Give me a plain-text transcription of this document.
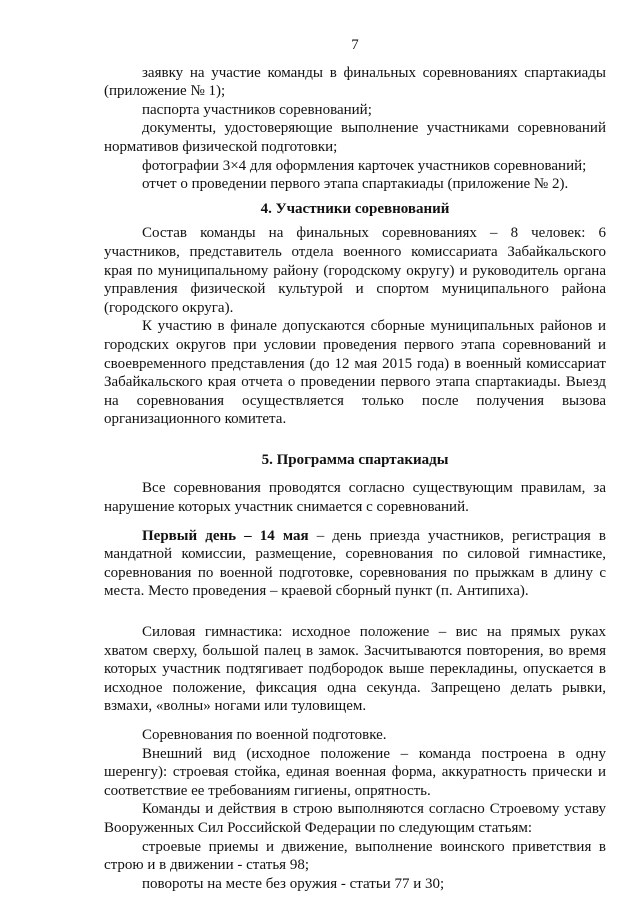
7

заявку на участие команды в финальных соревнованиях спартакиады (приложение № 1);

паспорта участников соревнований;

документы, удостоверяющие выполнение участниками соревнований нормативов физической подготовки;

фотографии 3×4 для оформления карточек участников соревнований;

отчет о проведении первого этапа спартакиады (приложение № 2).

4. Участники соревнований

Состав команды на финальных соревнованиях – 8 человек: 6 участников, представитель отдела военного комиссариата Забайкальского края по муниципальному району (городскому округу) и руководитель органа управления физической культурой и спортом муниципального района (городского округа).

К участию в финале допускаются сборные муниципальных районов и городских округов при условии проведения первого этапа соревнований и своевременного представления (до 12 мая 2015 года) в военный комиссариат Забайкальского края отчета о проведении первого этапа спартакиады. Выезд на соревнования осуществляется только после получения вызова организационного комитета.

5. Программа спартакиады

Все соревнования проводятся согласно существующим правилам, за нарушение которых участник снимается с соревнований.

Первый день – 14 мая – день приезда участников, регистрация в мандатной комиссии, размещение, соревнования по силовой гимнастике, соревнования по военной подготовке, соревнования по прыжкам в длину с места. Место проведения – краевой сборный пункт (п. Антипиха).

Силовая гимнастика: исходное положение – вис на прямых руках хватом сверху, большой палец в замок. Засчитываются повторения, во время которых участник подтягивает подбородок выше перекладины, опускается в исходное положение, фиксация одна секунда. Запрещено делать рывки, взмахи, «волны» ногами или туловищем.

Соревнования по военной подготовке.

Внешний вид (исходное положение – команда построена в одну шеренгу): строевая стойка, единая военная форма, аккуратность прически и соответствие ее требованиям гигиены, опрятность.

Команды и действия в строю выполняются согласно Строевому уставу Вооруженных Сил Российской Федерации по следующим статьям:

строевые приемы и движение, выполнение воинского приветствия в строю и в движении - статья 98;

повороты на месте без оружия - статьи 77 и 30;
